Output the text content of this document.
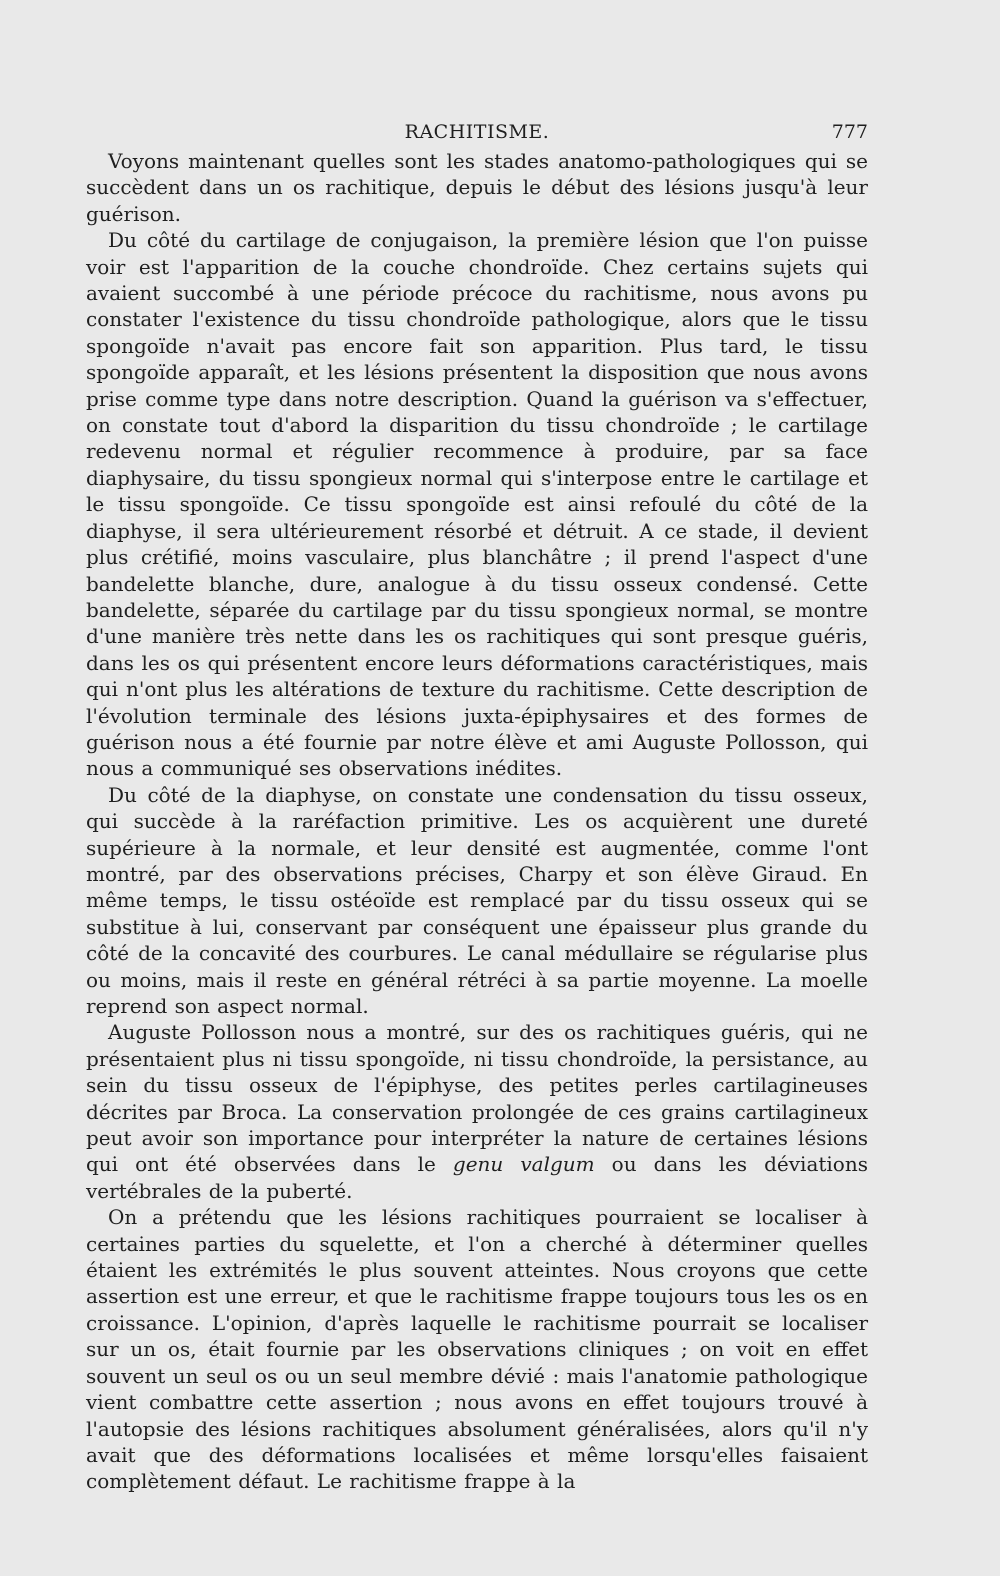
RACHITISME.	777

Voyons maintenant quelles sont les stades anatomo-pathologiques qui se succèdent dans un os rachitique, depuis le début des lésions jusqu'à leur guérison.

Du côté du cartilage de conjugaison, la première lésion que l'on puisse voir est l'apparition de la couche chondroïde. Chez certains sujets qui avaient succombé à une période précoce du rachitisme, nous avons pu constater l'existence du tissu chondroïde pathologique, alors que le tissu spongoïde n'avait pas encore fait son apparition. Plus tard, le tissu spongoïde apparaît, et les lésions présentent la disposition que nous avons prise comme type dans notre description. Quand la guérison va s'effectuer, on constate tout d'abord la disparition du tissu chondroïde ; le cartilage redevenu normal et régulier recommence à produire, par sa face diaphysaire, du tissu spongieux normal qui s'interpose entre le cartilage et le tissu spongoïde. Ce tissu spongoïde est ainsi refoulé du côté de la diaphyse, il sera ultérieurement résorbé et détruit. A ce stade, il devient plus crétifié, moins vasculaire, plus blanchâtre ; il prend l'aspect d'une bandelette blanche, dure, analogue à du tissu osseux condensé. Cette bandelette, séparée du cartilage par du tissu spongieux normal, se montre d'une manière très nette dans les os rachitiques qui sont presque guéris, dans les os qui présentent encore leurs déformations caractéristiques, mais qui n'ont plus les altérations de texture du rachitisme. Cette description de l'évolution terminale des lésions juxta-épiphysaires et des formes de guérison nous a été fournie par notre élève et ami Auguste Pollosson, qui nous a communiqué ses observations inédites.

Du côté de la diaphyse, on constate une condensation du tissu osseux, qui succède à la raréfaction primitive. Les os acquièrent une dureté supérieure à la normale, et leur densité est augmentée, comme l'ont montré, par des observations précises, Charpy et son élève Giraud. En même temps, le tissu ostéoïde est remplacé par du tissu osseux qui se substitue à lui, conservant par conséquent une épaisseur plus grande du côté de la concavité des courbures. Le canal médullaire se régularise plus ou moins, mais il reste en général rétréci à sa partie moyenne. La moelle reprend son aspect normal.

Auguste Pollosson nous a montré, sur des os rachitiques guéris, qui ne présentaient plus ni tissu spongoïde, ni tissu chondroïde, la persistance, au sein du tissu osseux de l'épiphyse, des petites perles cartilagineuses décrites par Broca. La conservation prolongée de ces grains cartilagineux peut avoir son importance pour interpréter la nature de certaines lésions qui ont été observées dans le genu valgum ou dans les déviations vertébrales de la puberté.

On a prétendu que les lésions rachitiques pourraient se localiser à certaines parties du squelette, et l'on a cherché à déterminer quelles étaient les extrémités le plus souvent atteintes. Nous croyons que cette assertion est une erreur, et que le rachitisme frappe toujours tous les os en croissance. L'opinion, d'après laquelle le rachitisme pourrait se localiser sur un os, était fournie par les observations cliniques ; on voit en effet souvent un seul os ou un seul membre dévié : mais l'anatomie pathologique vient combattre cette assertion ; nous avons en effet toujours trouvé à l'autopsie des lésions rachitiques absolument généralisées, alors qu'il n'y avait que des déformations localisées et même lorsqu'elles faisaient complètement défaut. Le rachitisme frappe à la
